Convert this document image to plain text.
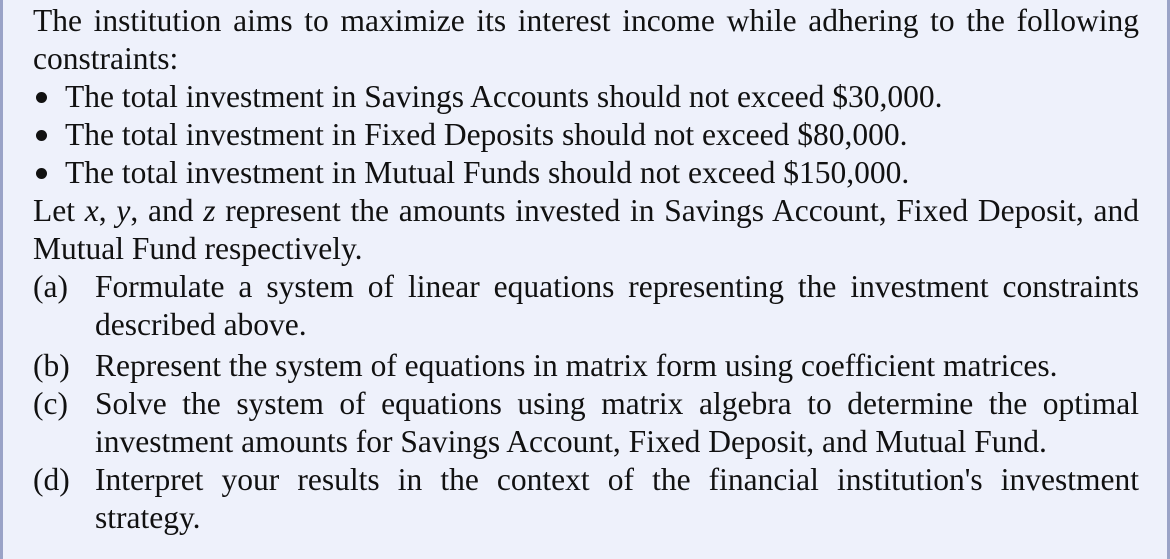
The institution aims to maximize its interest income while adhering to the following constraints:

The total investment in Savings Accounts should not exceed $30,000.
The total investment in Fixed Deposits should not exceed $80,000.
The total investment in Mutual Funds should not exceed $150,000.

Let x, y, and z represent the amounts invested in Savings Account, Fixed Deposit, and Mutual Fund respectively.

(a) Formulate a system of linear equations representing the investment constraints described above.
(b) Represent the system of equations in matrix form using coefficient matrices.
(c) Solve the system of equations using matrix algebra to determine the optimal investment amounts for Savings Account, Fixed Deposit, and Mutual Fund.
(d) Interpret your results in the context of the financial institution's investment strategy.
